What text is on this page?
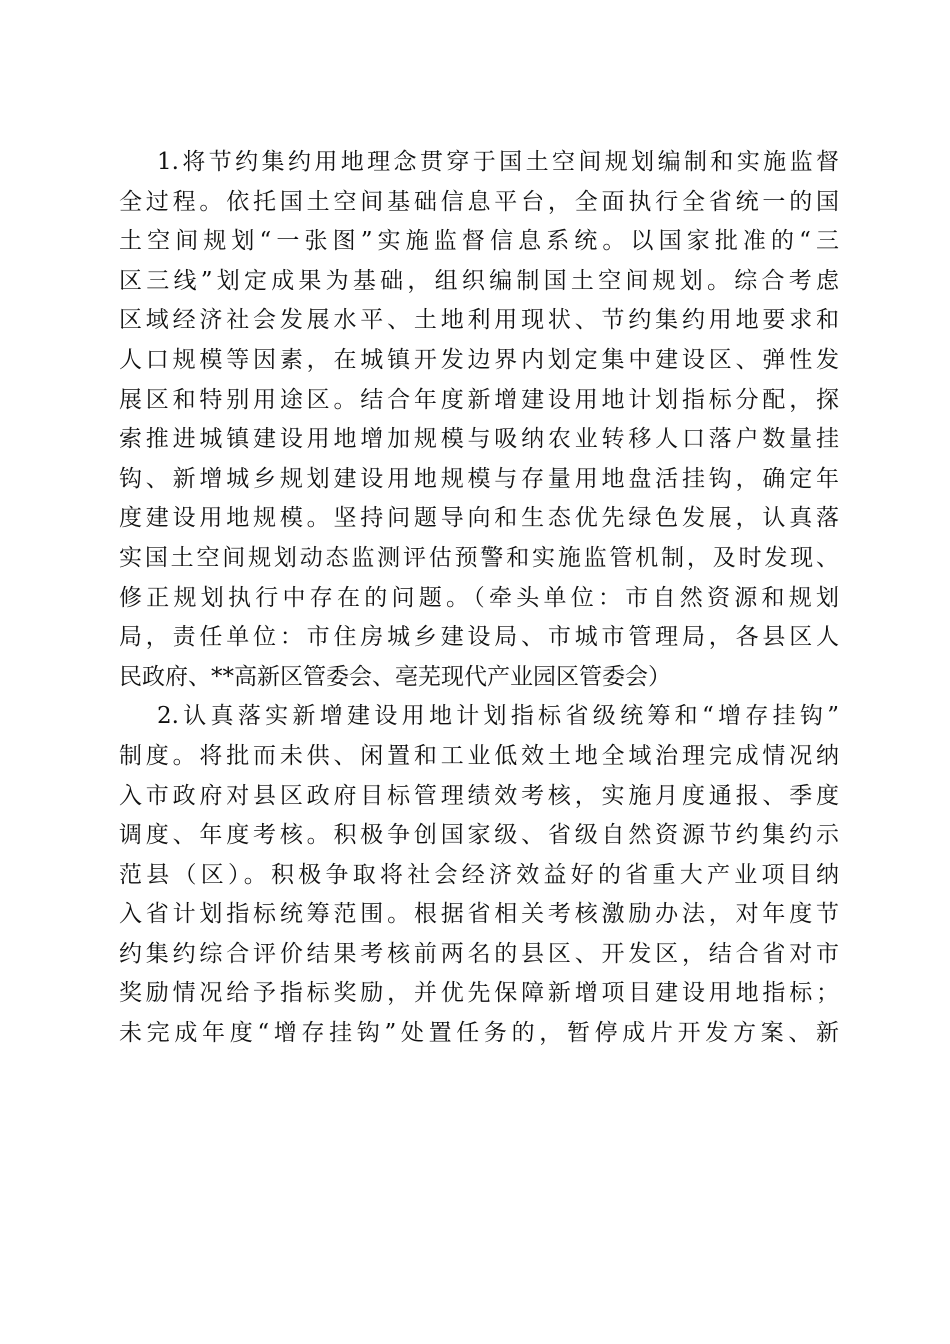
1.将节约集约用地理念贯穿于国土空间规划编制和实施监督
全过程。依托国土空间基础信息平台，全面执行全省统一的国
土空间规划“一张图”实施监督信息系统。以国家批准的“三
区三线”划定成果为基础，组织编制国土空间规划。综合考虑
区域经济社会发展水平、土地利用现状、节约集约用地要求和
人口规模等因素，在城镇开发边界内划定集中建设区、弹性发
展区和特别用途区。结合年度新增建设用地计划指标分配，探
索推进城镇建设用地增加规模与吸纳农业转移人口落户数量挂
钩、新增城乡规划建设用地规模与存量用地盘活挂钩，确定年
度建设用地规模。坚持问题导向和生态优先绿色发展，认真落
实国土空间规划动态监测评估预警和实施监管机制，及时发现、
修正规划执行中存在的问题。（牵头单位：市自然资源和规划
局，责任单位：市住房城乡建设局、市城市管理局，各县区人
民政府、**高新区管委会、亳芜现代产业园区管委会）
2.认真落实新增建设用地计划指标省级统筹和“增存挂钩”
制度。将批而未供、闲置和工业低效土地全域治理完成情况纳
入市政府对县区政府目标管理绩效考核，实施月度通报、季度
调度、年度考核。积极争创国家级、省级自然资源节约集约示
范县（区）。积极争取将社会经济效益好的省重大产业项目纳
入省计划指标统筹范围。根据省相关考核激励办法，对年度节
约集约综合评价结果考核前两名的县区、开发区，结合省对市
奖励情况给予指标奖励，并优先保障新增项目建设用地指标；
未完成年度“增存挂钩”处置任务的，暂停成片开发方案、新
